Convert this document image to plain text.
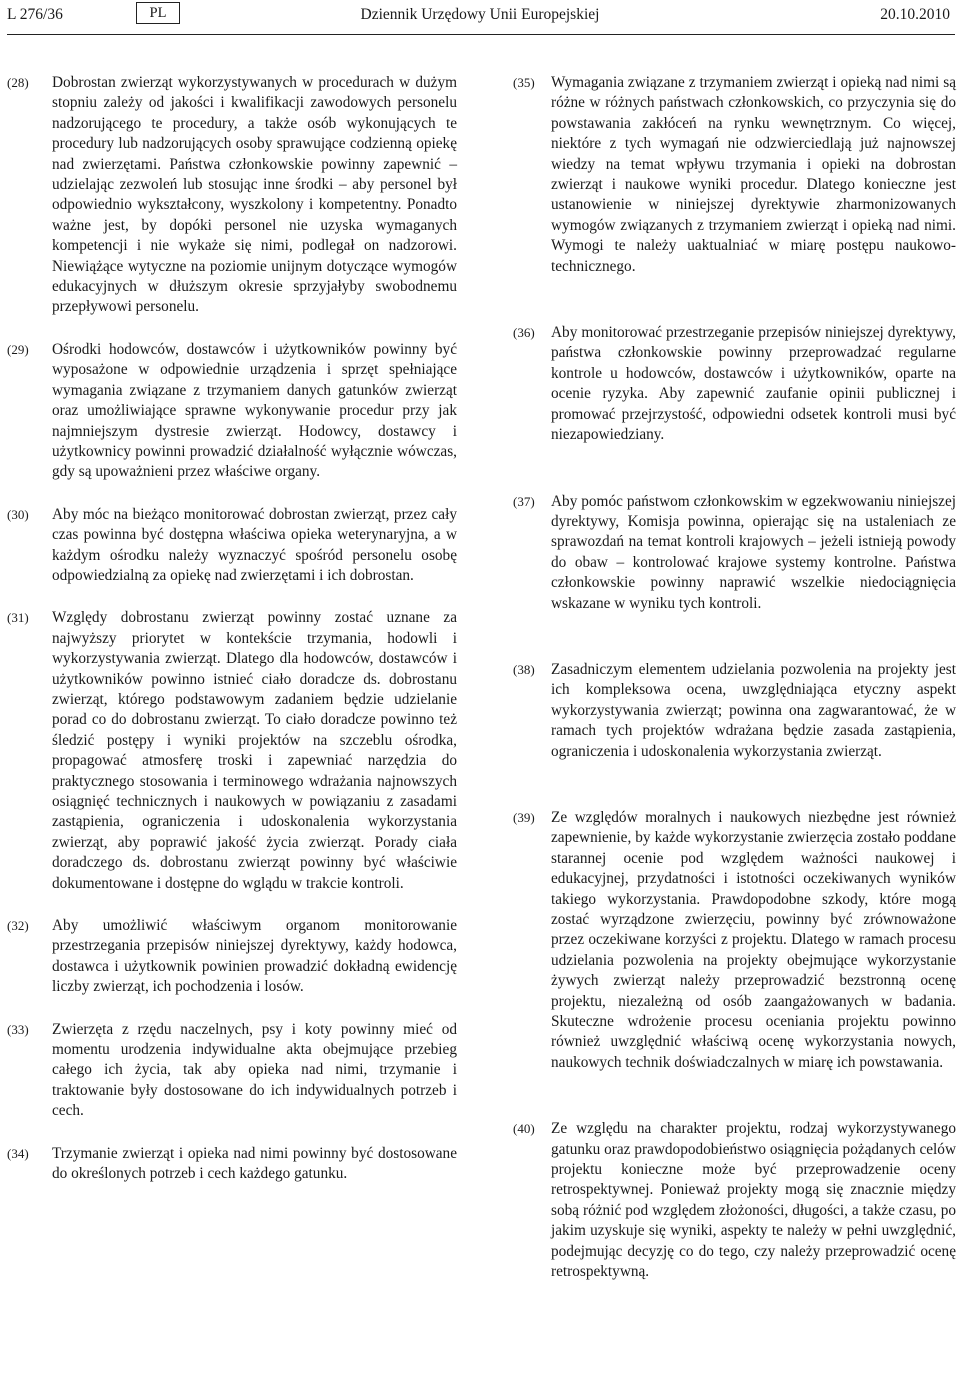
L 276/36	PL	Dziennik Urzędowy Unii Europejskiej	20.10.2010
(28)	Dobrostan zwierząt wykorzystywanych w procedurach w dużym stopniu zależy od jakości i kwalifikacji zawodowych personelu nadzorującego te procedury, a także osób wykonujących te procedury lub nadzorujących osoby sprawujące codzienną opiekę nad zwierzętami. Państwa członkowskie powinny zapewnić – udzielając zezwoleń lub stosując inne środki – aby personel był odpowiednio wykształcony, wyszkolony i kompetentny. Ponadto ważne jest, by dopóki personel nie uzyska wymaganych kompetencji i nie wykaże się nimi, podlegał on nadzorowi. Niewiążące wytyczne na poziomie unijnym dotyczące wymogów edukacyjnych w dłuższym okresie sprzyjałyby swobodnemu przepływowi personelu.
(29)	Ośrodki hodowców, dostawców i użytkowników powinny być wyposażone w odpowiednie urządzenia i sprzęt spełniające wymagania związane z trzymaniem danych gatunków zwierząt oraz umożliwiające sprawne wykonywanie procedur przy jak najmniejszym dystresie zwierząt. Hodowcy, dostawcy i użytkownicy powinni prowadzić działalność wyłącznie wówczas, gdy są upoważnieni przez właściwe organy.
(30)	Aby móc na bieżąco monitorować dobrostan zwierząt, przez cały czas powinna być dostępna właściwa opieka weterynaryjna, a w każdym ośrodku należy wyznaczyć spośród personelu osobę odpowiedzialną za opiekę nad zwierzętami i ich dobrostan.
(31)	Względy dobrostanu zwierząt powinny zostać uznane za najwyższy priorytet w kontekście trzymania, hodowli i wykorzystywania zwierząt. Dlatego dla hodowców, dostawców i użytkowników powinno istnieć ciało doradcze ds. dobrostanu zwierząt, którego podstawowym zadaniem będzie udzielanie porad co do dobrostanu zwierząt. To ciało doradcze powinno też śledzić postępy i wyniki projektów na szczeblu ośrodka, propagować atmosferę troski i zapewniać narzędzia do praktycznego stosowania i terminowego wdrażania najnowszych osiągnięć technicznych i naukowych w powiązaniu z zasadami zastąpienia, ograniczenia i udoskonalenia wykorzystania zwierząt, aby poprawić jakość życia zwierząt. Porady ciała doradczego ds. dobrostanu zwierząt powinny być właściwie dokumentowane i dostępne do wglądu w trakcie kontroli.
(32)	Aby umożliwić właściwym organom monitorowanie przestrzegania przepisów niniejszej dyrektywy, każdy hodowca, dostawca i użytkownik powinien prowadzić dokładną ewidencję liczby zwierząt, ich pochodzenia i losów.
(33)	Zwierzęta z rzędu naczelnych, psy i koty powinny mieć od momentu urodzenia indywidualne akta obejmujące przebieg całego ich życia, tak aby opieka nad nimi, trzymanie i traktowanie były dostosowane do ich indywidualnych potrzeb i cech.
(34)	Trzymanie zwierząt i opieka nad nimi powinny być dostosowane do określonych potrzeb i cech każdego gatunku.
(35)	Wymagania związane z trzymaniem zwierząt i opieką nad nimi są różne w różnych państwach członkowskich, co przyczynia się do powstawania zakłóceń na rynku wewnętrznym. Co więcej, niektóre z tych wymagań nie odzwierciedlają już najnowszej wiedzy na temat wpływu trzymania i opieki na dobrostan zwierząt i naukowe wyniki procedur. Dlatego konieczne jest ustanowienie w niniejszej dyrektywie zharmonizowanych wymogów związanych z trzymaniem zwierząt i opieką nad nimi. Wymogi te należy uaktualniać w miarę postępu naukowo-technicznego.
(36)	Aby monitorować przestrzeganie przepisów niniejszej dyrektywy, państwa członkowskie powinny przeprowadzać regularne kontrole u hodowców, dostawców i użytkowników, oparte na ocenie ryzyka. Aby zapewnić zaufanie opinii publicznej i promować przejrzystość, odpowiedni odsetek kontroli musi być niezapowiedziany.
(37)	Aby pomóc państwom członkowskim w egzekwowaniu niniejszej dyrektywy, Komisja powinna, opierając się na ustaleniach ze sprawozdań na temat kontroli krajowych – jeżeli istnieją powody do obaw – kontrolować krajowe systemy kontrolne. Państwa członkowskie powinny naprawić wszelkie niedociągnięcia wskazane w wyniku tych kontroli.
(38)	Zasadniczym elementem udzielania pozwolenia na projekty jest ich kompleksowa ocena, uwzględniająca etyczny aspekt wykorzystywania zwierząt; powinna ona zagwarantować, że w ramach tych projektów wdrażana będzie zasada zastąpienia, ograniczenia i udoskonalenia wykorzystania zwierząt.
(39)	Ze względów moralnych i naukowych niezbędne jest również zapewnienie, by każde wykorzystanie zwierzęcia zostało poddane starannej ocenie pod względem ważności naukowej i edukacyjnej, przydatności i istotności oczekiwanych wyników takiego wykorzystania. Prawdopodobne szkody, które mogą zostać wyrządzone zwierzęciu, powinny być zrównoważone przez oczekiwane korzyści z projektu. Dlatego w ramach procesu udzielania pozwolenia na projekty obejmujące wykorzystanie żywych zwierząt należy przeprowadzić bezstronną ocenę projektu, niezależną od osób zaangażowanych w badania. Skuteczne wdrożenie procesu oceniania projektu powinno również uwzględnić właściwą ocenę wykorzystania nowych, naukowych technik doświadczalnych w miarę ich powstawania.
(40)	Ze względu na charakter projektu, rodzaj wykorzystywanego gatunku oraz prawdopodobieństwo osiągnięcia pożądanych celów projektu konieczne może być przeprowadzenie oceny retrospektywnej. Ponieważ projekty mogą się znacznie między sobą różnić pod względem złożoności, długości, a także czasu, po jakim uzyskuje się wyniki, aspekty te należy w pełni uwzględnić, podejmując decyzję co do tego, czy należy przeprowadzić ocenę retrospektywną.
